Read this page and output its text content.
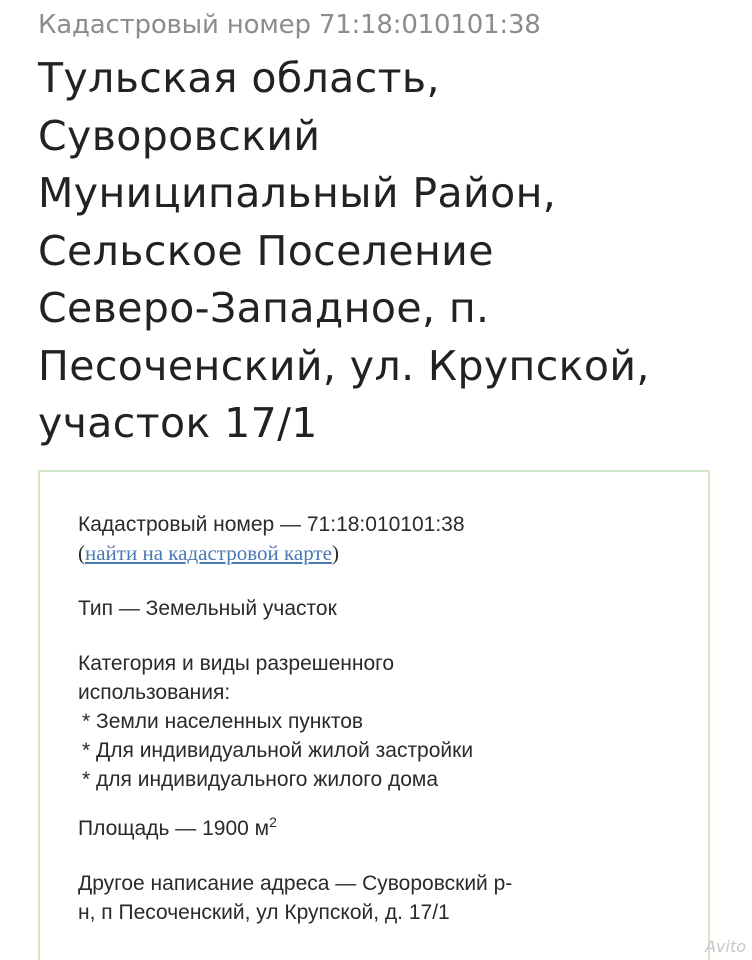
Кадастровый номер 71:18:010101:38
Тульская область,
Суворовский
Муниципальный Район,
Сельское Поселение
Северо-Западное, п.
Песоченский, ул. Крупской,
участок 17/1

Кадастровый номер — 71:18:010101:38

(найти на кадастровой карте)

Тип — Земельный участок

Категория и виды разрешенного

использования:

* Земли населенных пунктов
* Для индивидуальной жилой застройки
* для индивидуального жилого дома

Площадь — 1900 $м^2$

Другое написание адреса — Суворовский р-

н, п Песоченский, ул Крупской, д. 17/1

Avito
